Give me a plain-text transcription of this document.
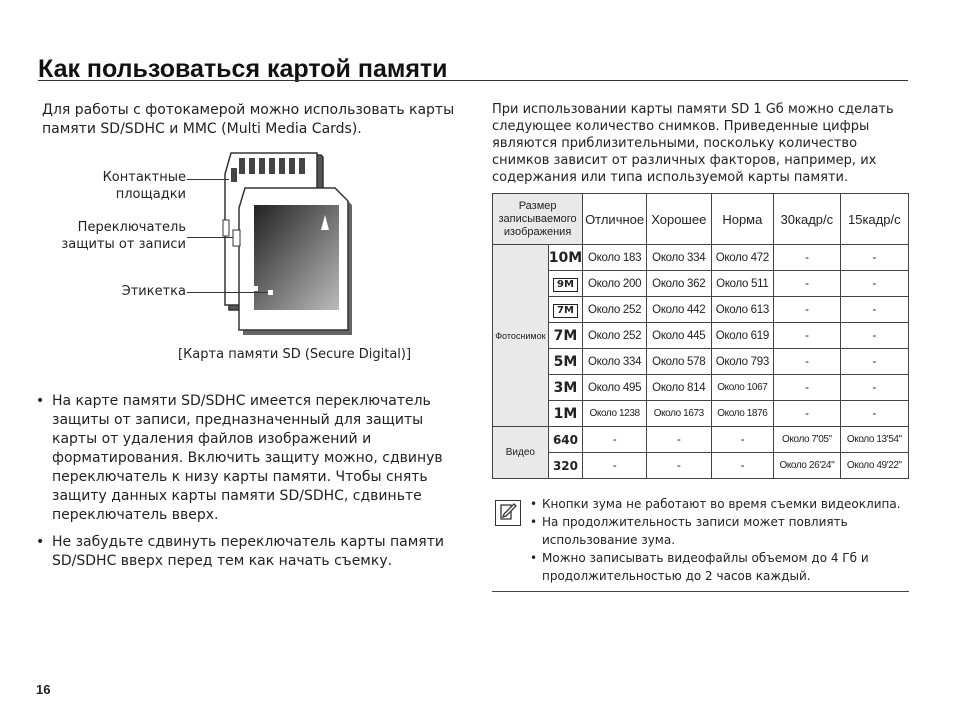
Как пользоваться картой памяти

Для работы с фотокамерой можно использовать карты памяти SD/SDHC и MMC (Multi Media Cards).

Контактные
площадки
Переключатель
защиты от записи
Этикетка
[Карта памяти SD (Secure Digital)]
• На карте памяти SD/SDHC имеется переключатель защиты от записи, предназначенный для защиты карты от удаления файлов изображений и форматирования. Включить защиту можно, сдвинув переключатель к низу карты памяти. Чтобы снять защиту данных карты памяти SD/SDHC, сдвиньте переключатель вверх.
• Не забудьте сдвинуть переключатель карты памяти SD/SDHC вверх перед тем как начать съемку.

При использовании карты памяти SD 1 Gб можно сделать следующее количество снимков. Приведенные цифры являются приблизительными, поскольку количество снимков зависит от различных факторов, например, их содержания или типа используемой карты памяти.

Размер записываемого изображения		Отличное	Хорошее	Норма	30кадр/с	15кадр/с
Фотоснимок	10M	Около 183	Около 334	Около 472	-	-
	9M	Около 200	Около 362	Около 511	-	-
	7M	Около 252	Около 442	Около 613	-	-
	7M	Около 252	Около 445	Около 619	-	-
	5M	Около 334	Около 578	Около 793	-	-
	3M	Около 495	Около 814	Около 1067	-	-
	1M	Около 1238	Около 1673	Около 1876	-	-
Видео	640	-	-	-	Около 7'05"	Около 13'54"
	320	-	-	-	Около 26'24"	Около 49'22"
• Кнопки зума не работают во время съемки видеоклипа.
• На продолжительность записи может повлиять использование зума.
• Можно записывать видеофайлы объемом до 4 Гб и продолжительностью до 2 часов каждый.
16
